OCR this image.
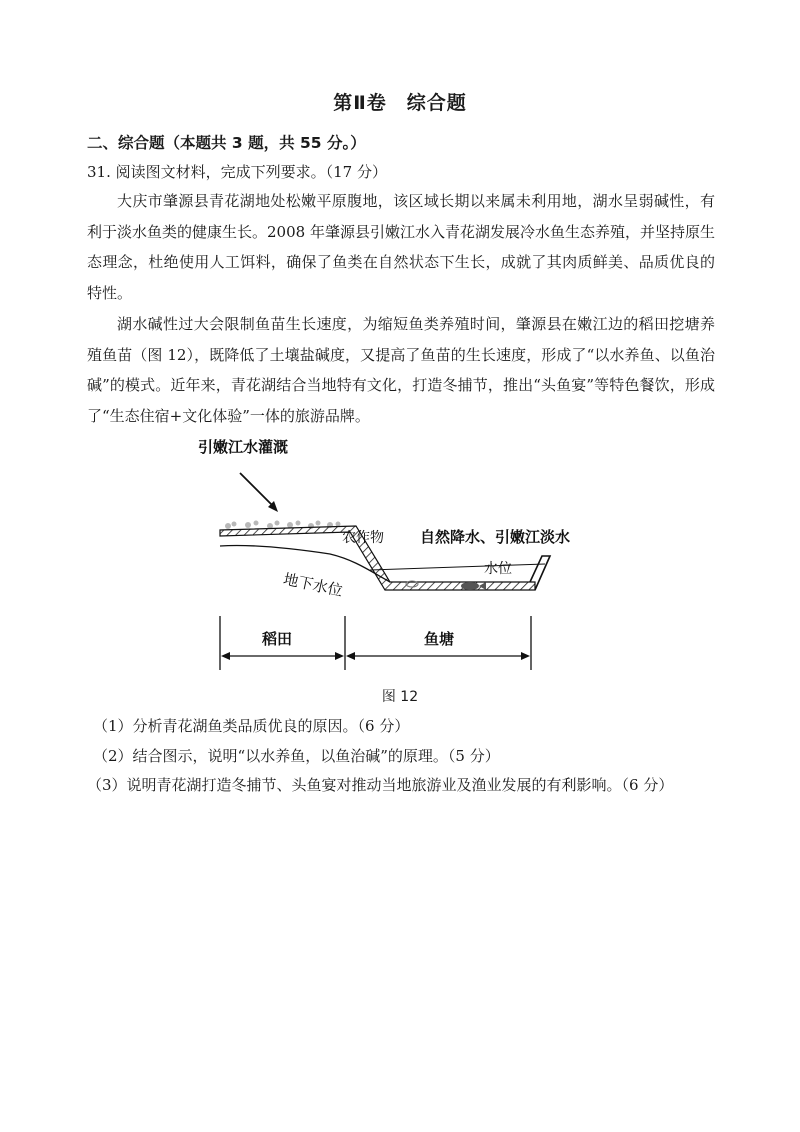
第Ⅱ卷　综合题
二、综合题（本题共 3 题，共 55 分。）
31. 阅读图文材料，完成下列要求。（17 分）
大庆市肇源县青花湖地处松嫩平原腹地，该区域长期以来属未利用地，湖水呈弱碱性，有利于淡水鱼类的健康生长。2008 年肇源县引嫩江水入青花湖发展冷水鱼生态养殖，并坚持原生态理念，杜绝使用人工饵料，确保了鱼类在自然状态下生长，成就了其肉质鲜美、品质优良的特性。
湖水碱性过大会限制鱼苗生长速度，为缩短鱼类养殖时间，肇源县在嫩江边的稻田挖塘养殖鱼苗（图 12），既降低了土壤盐碱度，又提高了鱼苗的生长速度，形成了“以水养鱼、以鱼治碱”的模式。近年来，青花湖结合当地特有文化，打造冬捕节，推出“头鱼宴”等特色餐饮，形成了“生态住宿+文化体验”一体的旅游品牌。
引嫩江水灌溉
农作物 自然降水、引嫩江淡水
水位
地下水位
稻田	鱼塘
图 12
（1）分析青花湖鱼类品质优良的原因。（6 分）
（2）结合图示，说明“以水养鱼，以鱼治碱”的原理。（5 分）
（3）说明青花湖打造冬捕节、头鱼宴对推动当地旅游业及渔业发展的有利影响。（6 分）
